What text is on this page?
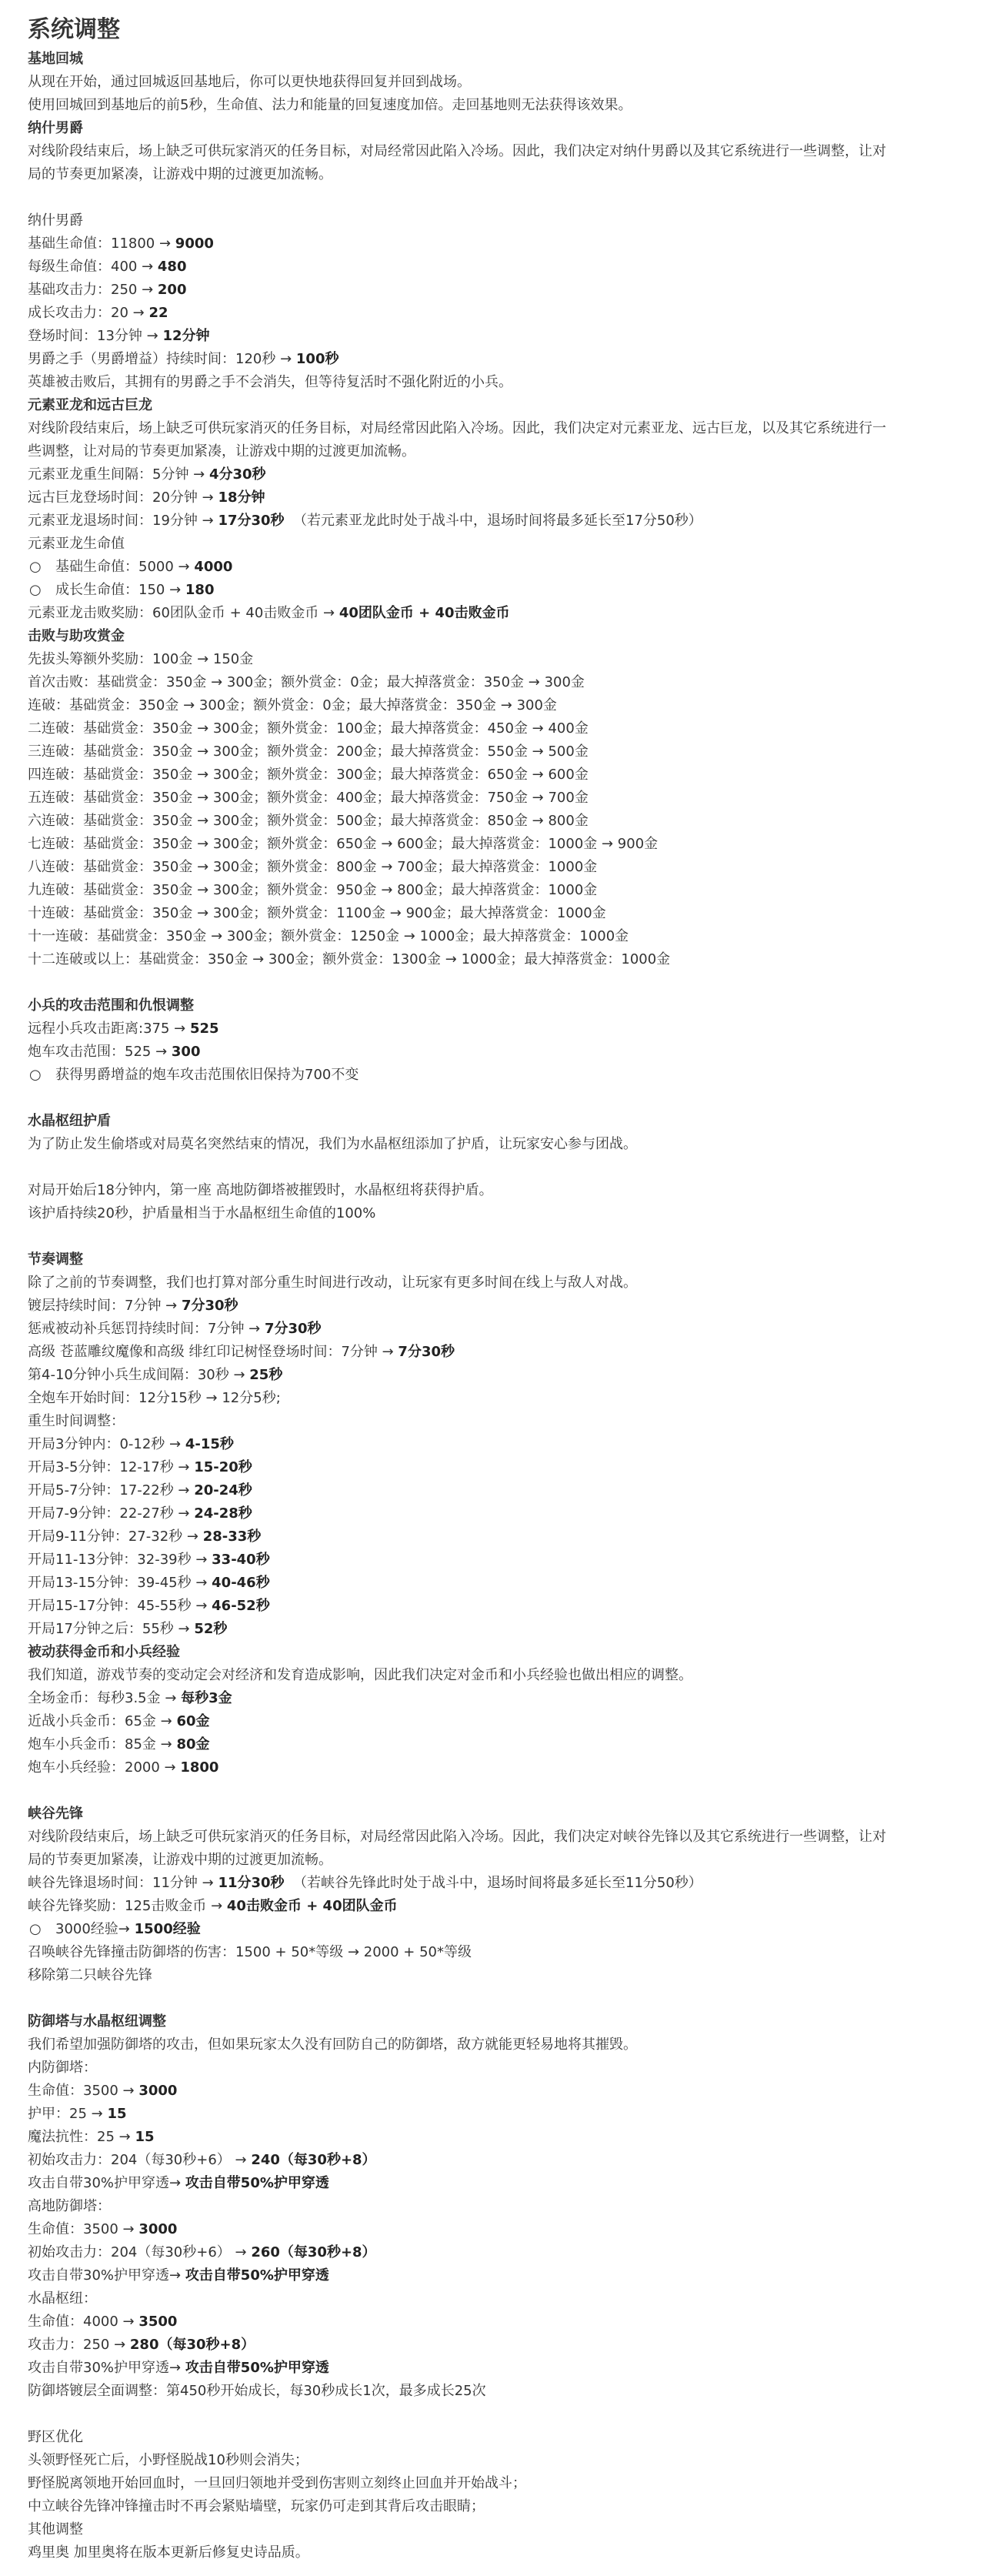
系统调整
基地回城
从现在开始，通过回城返回基地后，你可以更快地获得回复并回到战场。
使用回城回到基地后的前5秒，生命值、法力和能量的回复速度加倍。走回基地则无法获得该效果。
纳什男爵
对线阶段结束后，场上缺乏可供玩家消灭的任务目标，对局经常因此陷入冷场。因此，我们决定对纳什男爵以及其它系统进行一些调整，让对
局的节奏更加紧凑，让游戏中期的过渡更加流畅。
纳什男爵
基础生命值：11800 → 9000
每级生命值：400 → 480
基础攻击力：250 → 200
成长攻击力：20 → 22
登场时间：13分钟 → 12分钟
男爵之手（男爵增益）持续时间：120秒 → 100秒
英雄被击败后，其拥有的男爵之手不会消失，但等待复活时不强化附近的小兵。
元素亚龙和远古巨龙
对线阶段结束后，场上缺乏可供玩家消灭的任务目标，对局经常因此陷入冷场。因此，我们决定对元素亚龙、远古巨龙，以及其它系统进行一
些调整，让对局的节奏更加紧凑，让游戏中期的过渡更加流畅。
元素亚龙重生间隔：5分钟 → 4分30秒
远古巨龙登场时间：20分钟 → 18分钟
元素亚龙退场时间：19分钟 → 17分30秒  （若元素亚龙此时处于战斗中，退场时间将最多延长至17分50秒）
元素亚龙生命值
○ 基础生命值：5000 → 4000
○ 成长生命值：150 → 180
元素亚龙击败奖励：60团队金币 + 40击败金币 → 40团队金币 + 40击败金币
击败与助攻赏金
先拔头筹额外奖励：100金 → 150金
首次击败：基础赏金：350金 → 300金；额外赏金：0金；最大掉落赏金：350金 → 300金
连破：基础赏金：350金 → 300金；额外赏金：0金；最大掉落赏金：350金 → 300金
二连破：基础赏金：350金 → 300金；额外赏金：100金；最大掉落赏金：450金 → 400金
三连破：基础赏金：350金 → 300金；额外赏金：200金；最大掉落赏金：550金 → 500金
四连破：基础赏金：350金 → 300金；额外赏金：300金；最大掉落赏金：650金 → 600金
五连破：基础赏金：350金 → 300金；额外赏金：400金；最大掉落赏金：750金 → 700金
六连破：基础赏金：350金 → 300金；额外赏金：500金；最大掉落赏金：850金 → 800金
七连破：基础赏金：350金 → 300金；额外赏金：650金 → 600金；最大掉落赏金：1000金 → 900金
八连破：基础赏金：350金 → 300金；额外赏金：800金 → 700金；最大掉落赏金：1000金
九连破：基础赏金：350金 → 300金；额外赏金：950金 → 800金；最大掉落赏金：1000金
十连破：基础赏金：350金 → 300金；额外赏金：1100金 → 900金；最大掉落赏金：1000金
十一连破：基础赏金：350金 → 300金；额外赏金：1250金 → 1000金；最大掉落赏金：1000金
十二连破或以上：基础赏金：350金 → 300金；额外赏金：1300金 → 1000金；最大掉落赏金：1000金
小兵的攻击范围和仇恨调整
远程小兵攻击距离:375 → 525
炮车攻击范围：525 → 300
○ 获得男爵增益的炮车攻击范围依旧保持为700不变
水晶枢纽护盾
为了防止发生偷塔或对局莫名突然结束的情况，我们为水晶枢纽添加了护盾，让玩家安心参与团战。
对局开始后18分钟内，第一座 高地防御塔被摧毁时，水晶枢纽将获得护盾。
该护盾持续20秒，护盾量相当于水晶枢纽生命值的100%
节奏调整
除了之前的节奏调整，我们也打算对部分重生时间进行改动，让玩家有更多时间在线上与敌人对战。
镀层持续时间：7分钟 → 7分30秒
惩戒被动补兵惩罚持续时间：7分钟 → 7分30秒
高级 苍蓝雕纹魔像和高级 绯红印记树怪登场时间：7分钟 → 7分30秒
第4-10分钟小兵生成间隔：30秒 → 25秒
全炮车开始时间：12分15秒 → 12分5秒;
重生时间调整：
开局3分钟内：0-12秒 → 4-15秒
开局3-5分钟：12-17秒 → 15-20秒
开局5-7分钟：17-22秒 → 20-24秒
开局7-9分钟：22-27秒 → 24-28秒
开局9-11分钟：27-32秒 → 28-33秒
开局11-13分钟：32-39秒 → 33-40秒
开局13-15分钟：39-45秒 → 40-46秒
开局15-17分钟：45-55秒 → 46-52秒
开局17分钟之后：55秒 → 52秒
被动获得金币和小兵经验
我们知道，游戏节奏的变动定会对经济和发育造成影响，因此我们决定对金币和小兵经验也做出相应的调整。
全场金币：每秒3.5金 → 每秒3金
近战小兵金币：65金 → 60金
炮车小兵金币：85金 → 80金
炮车小兵经验：2000 → 1800
峡谷先锋
对线阶段结束后，场上缺乏可供玩家消灭的任务目标，对局经常因此陷入冷场。因此，我们决定对峡谷先锋以及其它系统进行一些调整，让对
局的节奏更加紧凑，让游戏中期的过渡更加流畅。
峡谷先锋退场时间：11分钟 → 11分30秒  （若峡谷先锋此时处于战斗中，退场时间将最多延长至11分50秒）
峡谷先锋奖励：125击败金币 → 40击败金币 + 40团队金币
○ 3000经验→ 1500经验
召唤峡谷先锋撞击防御塔的伤害：1500 + 50*等级 → 2000 + 50*等级
移除第二只峡谷先锋
防御塔与水晶枢纽调整
我们希望加强防御塔的攻击，但如果玩家太久没有回防自己的防御塔，敌方就能更轻易地将其摧毁。
内防御塔：
生命值：3500 → 3000
护甲：25 → 15
魔法抗性：25 → 15
初始攻击力：204（每30秒+6） → 240（每30秒+8）
攻击自带30%护甲穿透→ 攻击自带50%护甲穿透
高地防御塔：
生命值：3500 → 3000
初始攻击力：204（每30秒+6） → 260（每30秒+8）
攻击自带30%护甲穿透→ 攻击自带50%护甲穿透
水晶枢纽：
生命值：4000 → 3500
攻击力：250 → 280（每30秒+8）
攻击自带30%护甲穿透→ 攻击自带50%护甲穿透
防御塔镀层全面调整：第450秒开始成长，每30秒成长1次，最多成长25次
野区优化
头领野怪死亡后，小野怪脱战10秒则会消失；
野怪脱离领地开始回血时，一旦回归领地并受到伤害则立刻终止回血并开始战斗；
中立峡谷先锋冲锋撞击时不再会紧贴墙壁，玩家仍可走到其背后攻击眼睛；
其他调整
鸡里奥 加里奥将在版本更新后修复史诗品质。
